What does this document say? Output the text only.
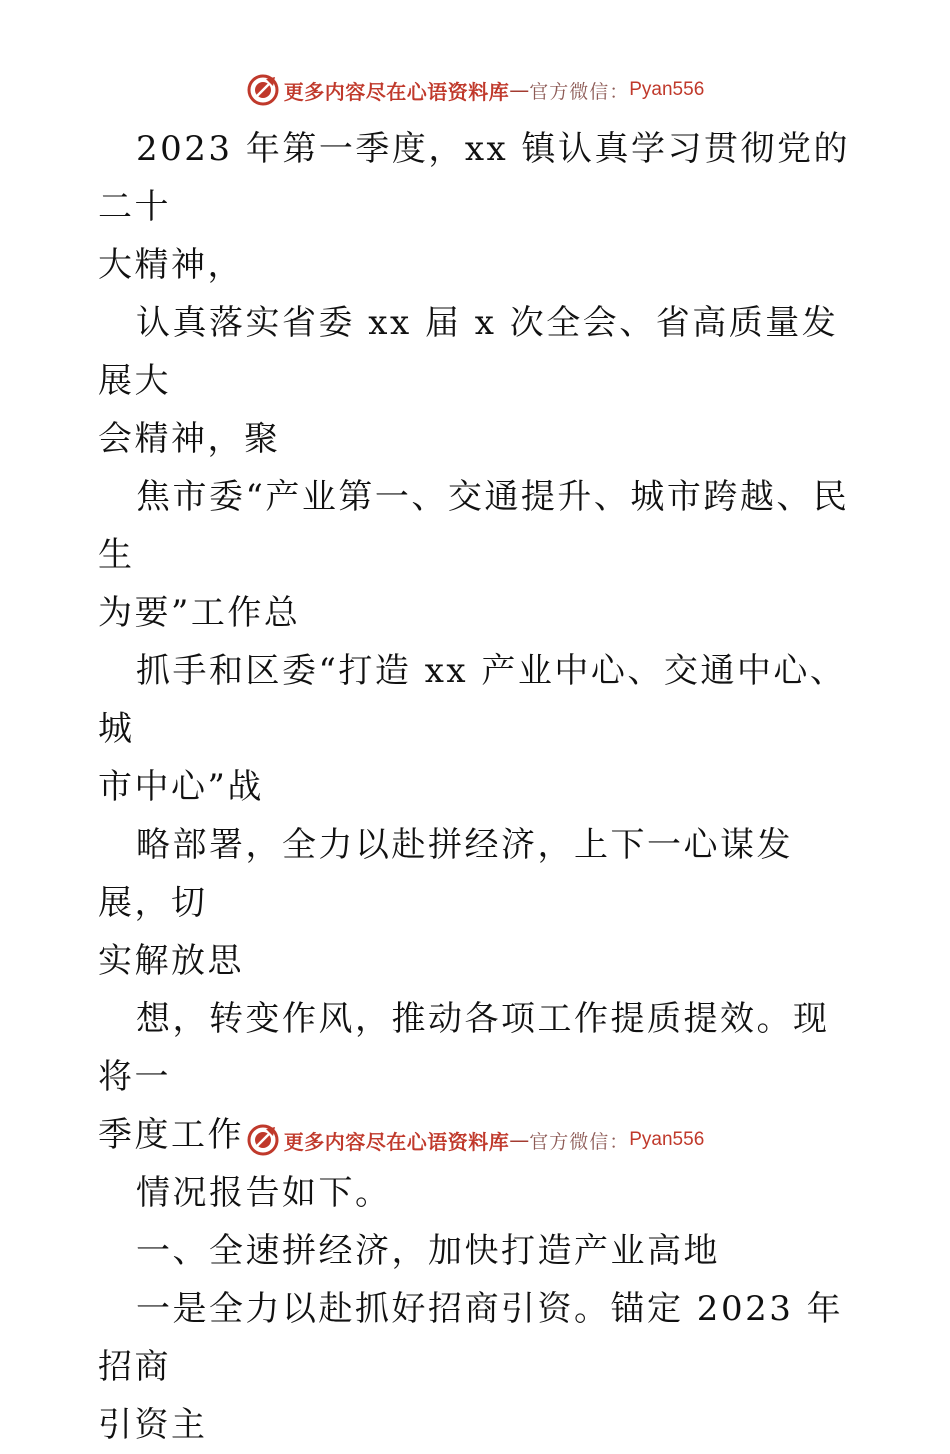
更多内容尽在心语资料库 — 官方微信： Pyan556

2023 年第一季度，xx 镇认真学习贯彻党的二十
大精神，

认真落实省委 xx 届 x 次全会、省高质量发展大
会精神，聚

焦市委“产业第一、交通提升、城市跨越、民生
为要”工作总

抓手和区委“打造 xx 产业中心、交通中心、城
市中心”战

略部署，全力以赴拼经济，上下一心谋发展，切
实解放思

想，转变作风，推动各项工作提质提效。现将一
季度工作

情况报告如下。

一、全速拼经济，加快打造产业高地

一是全力以赴抓好招商引资。锚定 2023 年招商
引资主

更多内容尽在心语资料库 — 官方微信： Pyan556
